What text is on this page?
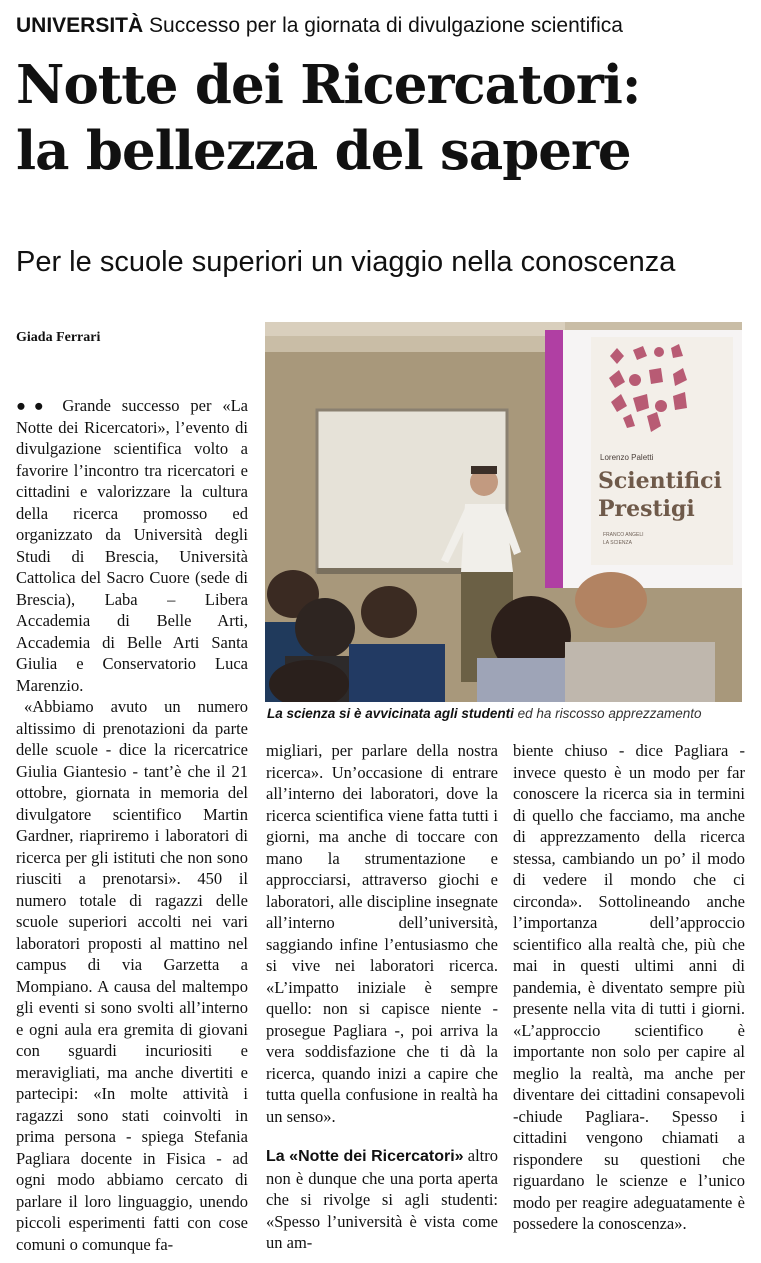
UNIVERSITÀ Successo per la giornata di divulgazione scientifica
Notte dei Ricercatori:
la bellezza del sapere
Per le scuole superiori un viaggio nella conoscenza
Giada Ferrari
Lorenzo Paletti
Scientifici
Prestigi
FRANCO ANGELI
LA SCIENZA
La scienza si è avvicinata agli studenti ed ha riscosso apprezzamento

●● Grande successo per «La Notte dei Ricercatori», l’evento di divulgazione scientifica volto a favorire l’incontro tra ricercatori e cittadini e valorizzare la cultura della ricerca promosso ed organizzato da Università degli Studi di Brescia, Università Cattolica del Sacro Cuore (sede di Brescia), Laba – Libera Accademia di Belle Arti, Accademia di Belle Arti Santa Giulia e Conservatorio Luca Marenzio.

«Abbiamo avuto un numero altissimo di prenotazioni da parte delle scuole - dice la ricercatrice Giulia Giantesio - tant’è che il 21 ottobre, giornata in memoria del divulgatore scientifico Martin Gardner, riapriremo i laboratori di ricerca per gli istituti che non sono riusciti a prenotarsi». 450 il numero totale di ragazzi delle scuole superiori accolti nei vari laboratori proposti al mattino nel campus di via Garzetta a Mompiano. A causa del maltempo gli eventi si sono svolti all’interno e ogni aula era gremita di giovani con sguardi incuriositi e meravigliati, ma anche divertiti e partecipi: «In molte attività i ragazzi sono stati coinvolti in prima persona - spiega Stefania Pagliara docente in Fisica - ad ogni modo abbiamo cercato di parlare il loro linguaggio, unendo piccoli esperimenti fatti con cose comuni o comunque fa-

migliari, per parlare della nostra ricerca». Un’occasione di entrare all’interno dei laboratori, dove la ricerca scientifica viene fatta tutti i giorni, ma anche di toccare con mano la strumentazione e approcciarsi, attraverso giochi e laboratori, alle discipline insegnate all’interno dell’università, saggiando infine l’entusiasmo che si vive nei laboratori ricerca. «L’impatto iniziale è sempre quello: non si capisce niente - prosegue Pagliara -, poi arriva la vera soddisfazione che ti dà la ricerca, quando inizi a capire che tutta quella confusione in realtà ha un senso».

La «Notte dei Ricercatori» altro non è dunque che una porta aperta che si rivolge si agli studenti: «Spesso l’università è vista come un am-

biente chiuso - dice Pagliara - invece questo è un modo per far conoscere la ricerca sia in termini di quello che facciamo, ma anche di apprezzamento della ricerca stessa, cambiando un po’ il modo di vedere il mondo che ci circonda». Sottolineando anche l’importanza dell’approccio scientifico alla realtà che, più che mai in questi ultimi anni di pandemia, è diventato sempre più presente nella vita di tutti i giorni. «L’approccio scientifico è importante non solo per capire al meglio la realtà, ma anche per diventare dei cittadini consapevoli -chiude Pagliara-. Spesso i cittadini vengono chiamati a rispondere su questioni che riguardano le scienze e l’unico modo per reagire adeguatamente è possedere la conoscenza».
